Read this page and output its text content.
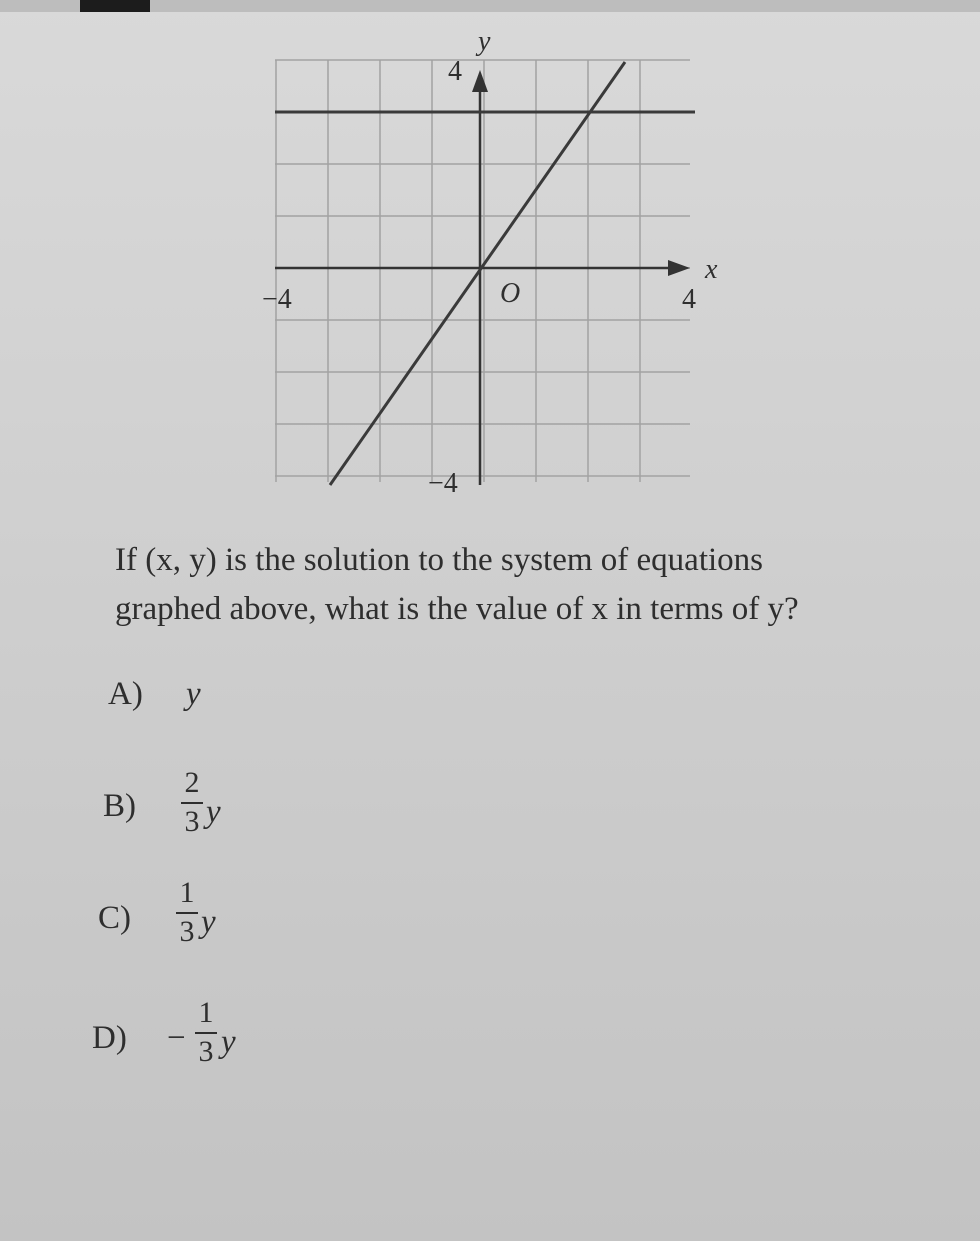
y
x
O
−4	4
4
−4
If (x, y) is the solution to the system of equations
graphed above, what is the value of x in terms of y?
A) y
B)
2
3 y
C)
1
3 y
D) −
1
3 y
